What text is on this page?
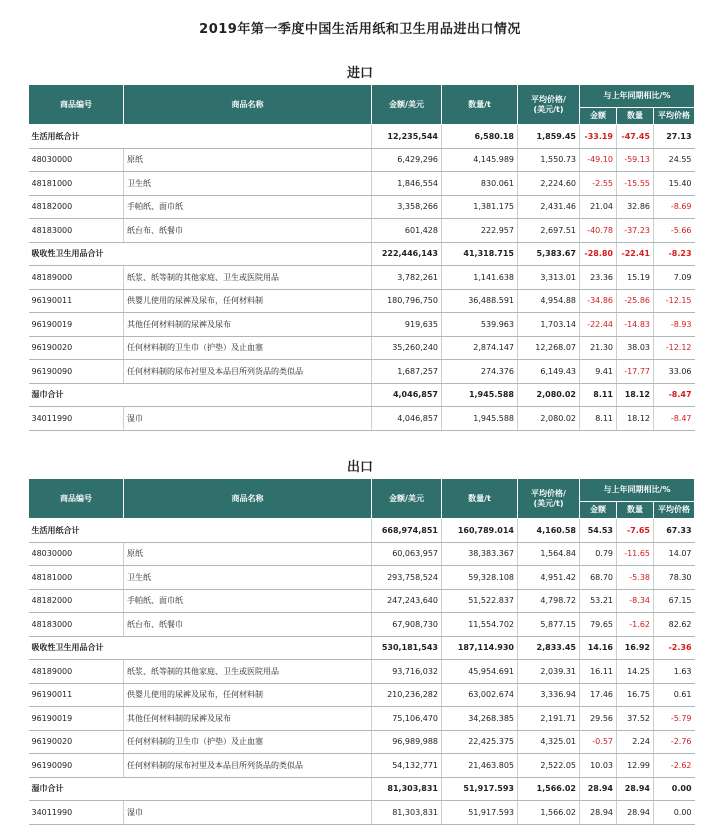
2019年第一季度中国生活用纸和卫生用品进出口情况
进口
商品编号	商品名称	金额/美元	数量/t	平均价格/
(美元/t)	与上年同期相比/%		
					金额	数量	平均价格
生活用纸合计		12,235,544	6,580.18	1,859.45	-33.19	-47.45	27.13
48030000	原纸	6,429,296	4,145.989	1,550.73	-49.10	-59.13	24.55
48181000	卫生纸	1,846,554	830.061	2,224.60	-2.55	-15.55	15.40
48182000	手帕纸、面巾纸	3,358,266	1,381.175	2,431.46	21.04	32.86	-8.69
48183000	纸台布、纸餐巾	601,428	222.957	2,697.51	-40.78	-37.23	-5.66
吸收性卫生用品合计		222,446,143	41,318.715	5,383.67	-28.80	-22.41	-8.23
48189000	纸浆、纸等制的其他家庭、卫生或医院用品	3,782,261	1,141.638	3,313.01	23.36	15.19	7.09
96190011	供婴儿使用的尿裤及尿布，任何材料制	180,796,750	36,488.591	4,954.88	-34.86	-25.86	-12.15
96190019	其他任何材料制的尿裤及尿布	919,635	539.963	1,703.14	-22.44	-14.83	-8.93
96190020	任何材料制的卫生巾（护垫）及止血塞	35,260,240	2,874.147	12,268.07	21.30	38.03	-12.12
96190090	任何材料制的尿布衬里及本品目所列货品的类似品	1,687,257	274.376	6,149.43	9.41	-17.77	33.06
湿巾合计		4,046,857	1,945.588	2,080.02	8.11	18.12	-8.47
34011990	湿巾	4,046,857	1,945.588	2,080.02	8.11	18.12	-8.47
出口
商品编号	商品名称	金额/美元	数量/t	平均价格/
(美元/t)	与上年同期相比/%		
					金额	数量	平均价格
生活用纸合计		668,974,851	160,789.014	4,160.58	54.53	-7.65	67.33
48030000	原纸	60,063,957	38,383.367	1,564.84	0.79	-11.65	14.07
48181000	卫生纸	293,758,524	59,328.108	4,951.42	68.70	-5.38	78.30
48182000	手帕纸、面巾纸	247,243,640	51,522.837	4,798.72	53.21	-8.34	67.15
48183000	纸台布、纸餐巾	67,908,730	11,554.702	5,877.15	79.65	-1.62	82.62
吸收性卫生用品合计		530,181,543	187,114.930	2,833.45	14.16	16.92	-2.36
48189000	纸浆、纸等制的其他家庭、卫生或医院用品	93,716,032	45,954.691	2,039.31	16.11	14.25	1.63
96190011	供婴儿使用的尿裤及尿布，任何材料制	210,236,282	63,002.674	3,336.94	17.46	16.75	0.61
96190019	其他任何材料制的尿裤及尿布	75,106,470	34,268.385	2,191.71	29.56	37.52	-5.79
96190020	任何材料制的卫生巾（护垫）及止血塞	96,989,988	22,425.375	4,325.01	-0.57	2.24	-2.76
96190090	任何材料制的尿布衬里及本品目所列货品的类似品	54,132,771	21,463.805	2,522.05	10.03	12.99	-2.62
湿巾合计		81,303,831	51,917.593	1,566.02	28.94	28.94	0.00
34011990	湿巾	81,303,831	51,917.593	1,566.02	28.94	28.94	0.00
